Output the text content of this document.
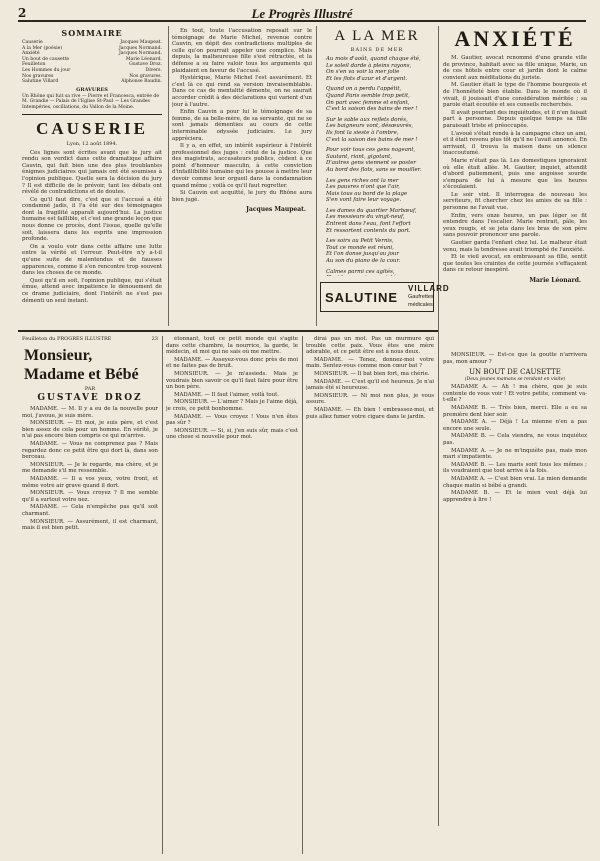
2	Le Progrès Illustré
SOMMAIRE
Causerie	Jacques Maupeat.
A la Mer (poésie)	Jacques Normand.
Anxiété	Jacques Normand.
Un bout de causette	Marie Léonard.
Feuilleton	Gustave Droz.
Les Hommes du jour	Divers.
Nos gravures	Nos gravures.
Salutine Villard	Alphonse Baudin.
GRAVURES
Un Rhône qui fuit sa rive — Pierre et Francesca, entrée de M. Grandie — Palais de l'Eglise St-Paul — Les Grandes Intempéries, oscillations, du Vallon de la Moine.
CAUSERIE
Lyon, 12 août 1894.

Ces lignes sont écrites avant que le jury ait rendu son verdict dans cette dramatique affaire Cauvin, qui fait bien une des plus troublantes énigmes judiciaires qui jamais ont été soumises à l'opinion publique. Quelle sera la décision du jury ? Il est difficile de le prévoir, tant les débats ont révélé de contradictions et de doutes.

Ce qu'il faut dire, c'est que si l'accusé a été condamné jadis, il l'a été sur des témoignages dont la fragilité apparaît aujourd'hui. La justice humaine est faillible, et c'est une grande leçon que nous donne ce procès, dont l'issue, quelle qu'elle soit, laissera dans les esprits une impression profonde.

On a voulu voir dans cette affaire une lutte entre la vérité et l'erreur. Peut-être n'y a-t-il qu'une suite de malentendus et de fausses apparences, comme il s'en rencontre trop souvent dans les choses de ce monde.

Quoi qu'il en soit, l'opinion publique, qui s'était émue, attend avec impatience le dénouement de ce drame judiciaire, dont l'intérêt ne s'est pas démenti un seul instant.

En tout, toute l'accusation reposait sur le témoignage de Marie Michel, revenue contre Cauvin, en dépit des contradictions multiples de celle qu'on pourrait appeler une complice. Mais depuis, la malheureuse fille s'est rétractée, et la défense a su faire valoir tous les arguments qui plaidaient en faveur de l'accusé.

Hystérique, Marie Michel l'est assurément. Et c'est là ce qui rend sa version invraisemblable. Dans ce cas de mentalité démente, on ne saurait accorder crédit à des déclarations qui varient d'un jour à l'autre.

Enfin Cauvin a pour lui le témoignage de sa femme, de sa belle-mère, de sa servante, qui ne se sont jamais démenties au cours de cette interminable odyssée judiciaire. Le jury appréciera.

Il y a, en effet, un intérêt supérieur à l'intérêt professionnel des juges : celui de la justice. Que des magistrats, accusateurs publics, cèdent à ce point d'honneur masculin, à cette conviction d'infaillibilité humaine qui les pousse à mettre leur devoir comme leur orgueil dans la condamnation quand même ; voilà ce qu'il faut regretter.

Si Cauvin est acquitté, le jury du Rhône aura bien jugé.

Jacques Maupeat.
A LA MER
BAINS DE MER
Au mois d'août, quand chaque été,
Le soleil darde à pleins rayons,
On s'en va voir la mer jolie
Et les flots d'azur et d'argent.
Quand on a perdu l'appétit,
Quand Paris semble trop petit,
On part avec femme et enfant,
C'est la saison des bains de mer !
Sur le sable aux reflets dorés,
Les baigneurs vont, désœuvrés,
Ils font la sieste à l'ombre,
C'est la saison des bains de mer !
Pour voir tous ces gens nageant,
Sautant, riant, gigotant,
D'autres gens viennent se poster
Au bord des flots, sans se mouiller.
Les gens riches ont la mer
Les pauvres n'ont que l'air,
Mais tous au bord de la plage
S'en vont faire leur voyage.
Les dames du quartier Marbœuf,
Les messieurs du vingt-neuf,
Entrent dans l'eau, font l'effort
Et ressortent contents du port.
Les soirs au Petit Vernis,
Tout ce monde est réuni,
Et l'on danse jusqu'au jour
Au son du piano de la cour.
Calmes parmi ces agités,
SALUTINE
VILLARD
Gaufrettes médicales
ANXIÉTÉ

M. Gautier, avocat renommé d'une grande ville de province, habitait avec sa fille unique, Marie, un de ces hôtels entre cour et jardin dont le calme convient aux méditations du juriste.

M. Gautier était le type de l'homme bourgeois et de l'honnêteté bien établie. Dans le monde où il vivait, il jouissait d'une considération méritée ; sa parole était écoutée et ses conseils recherchés.

Il avait pourtant des inquiétudes, et il n'en faisait part à personne. Depuis quelque temps sa fille paraissait triste et préoccupée.

L'avoué s'était rendu à la campagne chez un ami, et il était revenu plus tôt qu'il ne l'avait annoncé. En arrivant, il trouva la maison dans un silence inaccoutumé.

Marie n'était pas là. Les domestiques ignoraient où elle était allée. M. Gautier, inquiet, attendit d'abord patiemment, puis une angoisse sourde s'empara de lui à mesure que les heures s'écoulaient.

Le soir vint. Il interrogea de nouveau les serviteurs, fit chercher chez les amies de sa fille : personne ne l'avait vue.

Enfin, vers onze heures, un pas léger se fit entendre dans l'escalier. Marie rentrait, pâle, les yeux rougis, et se jeta dans les bras de son père sans pouvoir prononcer une parole.

Gautier garda l'enfant chez lui. Le malheur était venu, mais la tendresse avait triomphé de l'anxiété.

Et le vieil avocat, en embrassant sa fille, sentit que toutes les craintes de cette journée s'effaçaient dans ce retour inespéré.

Marie Léonard.
Feuilleton du PROGRÈS ILLUSTRÉ	23
Monsieur,
Madame et Bébé
PAR
GUSTAVE DROZ

MADAME. — M. Il y a eu de la nouvelle pour moi, j'avoue, je suis mère.

MONSIEUR. — Et moi, je suis père, et c'est bien assez de cela pour un homme. En vérité, je n'ai pas encore bien compris ce qui m'arrive.

MADAME. — Vous ne comprenez pas ? Mais regardez donc ce petit être qui dort là, dans son berceau.

MONSIEUR. — Je le regarde, ma chère, et je me demande s'il me ressemble.

MADAME. — Il a vos yeux, votre front, et même votre air grave quand il dort.

MONSIEUR. — Vous croyez ? Il me semble qu'il a surtout votre nez.

MADAME. — Cela n'empêche pas qu'il soit charmant.

MONSIEUR. — Assurément, il est charmant, mais il est bien petit.

étonnant, tout ce petit monde qui s'agite dans cette chambre, la nourrice, la garde, le médecin, et moi qui ne sais où me mettre.

MADAME. — Asseyez-vous donc près de moi et ne faites pas de bruit.

MONSIEUR. — Je m'assieds. Mais je voudrais bien savoir ce qu'il faut faire pour être un bon père.

MADAME. — Il faut l'aimer, voilà tout.

MONSIEUR. — L'aimer ? Mais je l'aime déjà, je crois, ce petit bonhomme.

MADAME. — Vous croyez ! Vous n'en êtes pas sûr ?

MONSIEUR. — Si, si, j'en suis sûr, mais c'est une chose si nouvelle pour moi.

dirai pas un mot. Pas un murmure qui trouble cette paix. Vous êtes une mère adorable, et ce petit être est à nous deux.

MADAME. — Tenez, donnez-moi votre main. Sentez-vous comme mon cœur bat ?

MONSIEUR. — Il bat bien fort, ma chérie.

MADAME. — C'est qu'il est heureux. Je n'ai jamais été si heureuse.

MONSIEUR. — Ni moi non plus, je vous assure.

MADAME. — Eh bien ! embrassez-moi, et puis allez fumer votre cigare dans le jardin.

MONSIEUR. — Est-ce que la goutte n'arrivera pas, mon amour ?

UN BOUT DE CAUSETTE
(Deux jeunes mamans se rendant en visite)

MADAME A. — Ah ! ma chère, que je suis contente de vous voir ! Et votre petite, comment va-t-elle ?

MADAME B. — Très bien, merci. Elle a eu sa première dent hier soir.

MADAME A. — Déjà ! La mienne n'en a pas encore une seule.

MADAME B. — Cela viendra, ne vous inquiétez pas.

MADAME A. — Je ne m'inquiète pas, mais mon mari s'impatiente.

MADAME B. — Les maris sont tous les mêmes ; ils voudraient que tout arrive à la fois.

MADAME A. — C'est bien vrai. Le mien demande chaque matin si bébé a grandi.

MADAME B. — Et le mien veut déjà lui apprendre à lire !
